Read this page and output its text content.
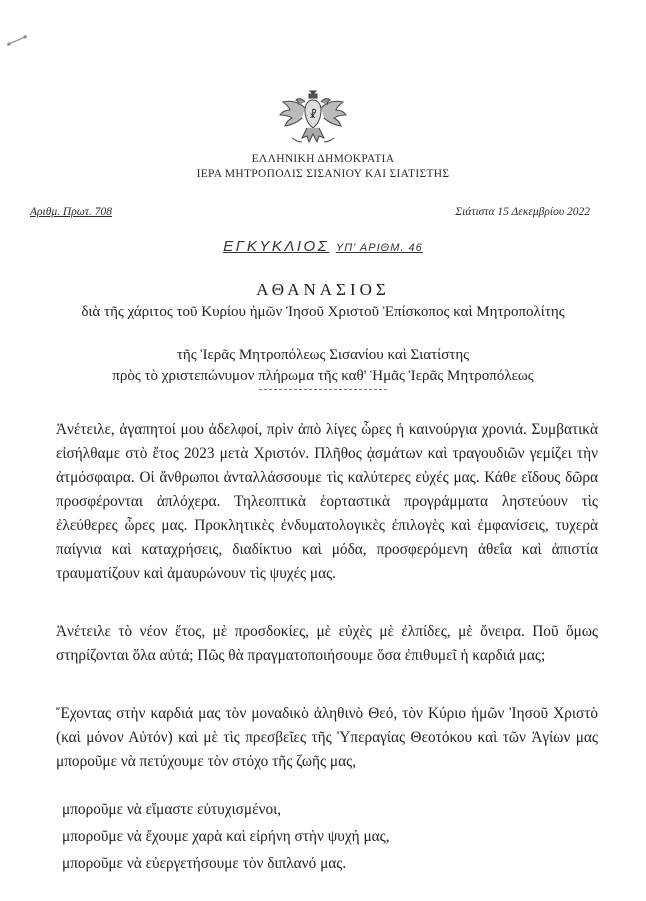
☧
ΕΛΛΗΝΙΚΗ ΔΗΜΟΚΡΑΤΙΑ
ΙΕΡΑ ΜΗΤΡΟΠΟΛΙΣ ΣΙΣΑΝΙΟΥ ΚΑΙ ΣΙΑΤΙΣΤΗΣ
Αριθμ. Πρωτ. 708	Σιάτιστα 15 Δεκεμβρίου 2022
ΕΓΚΥΚΛΙΟΣ ΥΠ' ΑΡΙΘΜ. 46
ΑΘΑΝΑΣΙΟΣ
διὰ τῆς χάριτος τοῦ Κυρίου ἡμῶν Ἰησοῦ Χριστοῦ Ἐπίσκοπος καὶ Μητροπολίτης
τῆς Ἱερᾶς Μητροπόλεως Σισανίου καὶ Σιατίστης
πρὸς τὸ χριστεπώνυμον πλήρωμα τῆς καθ' Ἡμᾶς Ἱερᾶς Μητροπόλεως
Ἀνέτειλε, ἀγαπητοί μου ἀδελφοί, πρὶν ἀπὸ λίγες ὧρες ἡ καινούργια χρονιά. Συμβατικὰ εἰσήλθαμε στὸ ἔτος 2023 μετὰ Χριστόν. Πλῆθος ᾀσμάτων καὶ τραγουδιῶν γεμίζει τὴν ἀτμόσφαιρα. Οἱ ἄνθρωποι ἀνταλλάσσουμε τὶς καλύτερες εὐχές μας. Κάθε εἴδους δῶρα προσφέρονται ἀπλόχερα. Τηλεοπτικὰ ἑορταστικὰ προγράμματα ληστεύουν τὶς ἐλεύθερες ὧρες μας. Προκλητικὲς ἐνδυματολογικὲς ἐπιλογὲς καὶ ἐμφανίσεις, τυχερὰ παίγνια καὶ καταχρήσεις, διαδίκτυο καὶ μόδα, προσφερόμενη ἀθεΐα καὶ ἀπιστία τραυματίζουν καὶ ἀμαυρώνουν τὶς ψυχές μας.
Ἀνέτειλε τὸ νέον ἔτος, μὲ προσδοκίες, μὲ εὐχὲς μὲ ἐλπίδες, μὲ ὄνειρα. Ποῦ ὅμως στηρίζονται ὅλα αὐτά; Πῶς θὰ πραγματοποιήσουμε ὅσα ἐπιθυμεῖ ἡ καρδιά μας;
Ἔχοντας στὴν καρδιά μας τὸν μοναδικὸ ἀληθινὸ Θεό, τὸν Κύριο ἡμῶν Ἰησοῦ Χριστὸ (καὶ μόνον Αὐτόν) καὶ μὲ τὶς πρεσβεῖες τῆς Ὑπεραγίας Θεοτόκου καὶ τῶν Ἁγίων μας μποροῦμε νὰ πετύχουμε τὸν στόχο τῆς ζωῆς μας,
μποροῦμε νὰ εἴμαστε εὐτυχισμένοι,
μποροῦμε νὰ ἔχουμε χαρὰ καὶ εἰρήνη στὴν ψυχή μας,
μποροῦμε νὰ εὐεργετήσουμε τὸν διπλανό μας.
